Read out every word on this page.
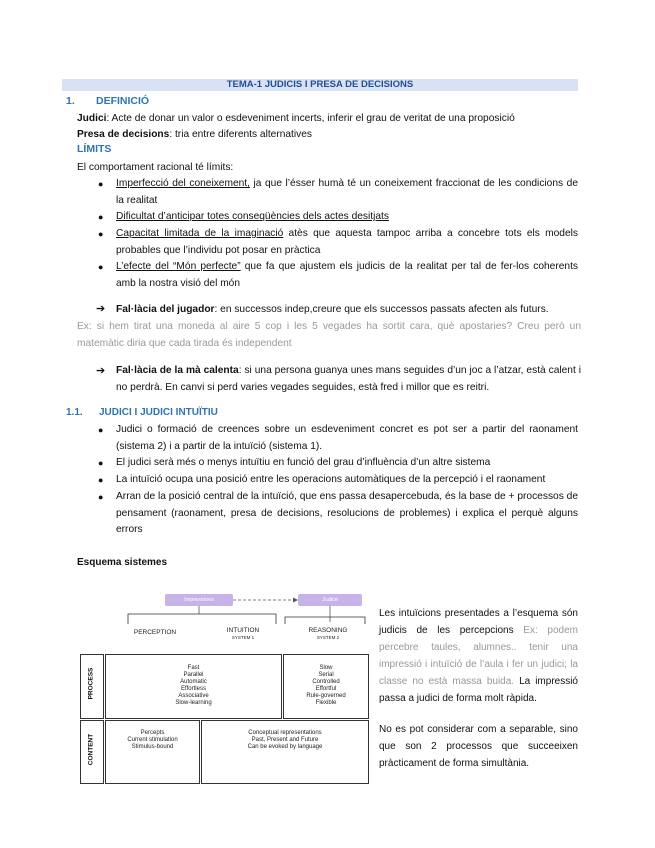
TEMA-1 JUDICIS I PRESA DE DECISIONS
1. DEFINICIÓ
Judici: Acte de donar un valor o esdeveniment incerts, inferir el grau de veritat de una proposició
Presa de decisions: tria entre diferents alternatives
LÍMITS
El comportament racional té límits:
● Imperfecció del coneixement, ja que l’ésser humà té un coneixement fraccionat de les condicions de la realitat
● Dificultat d’anticipar totes conseqüències dels actes desitjats
● Capacitat limitada de la imaginació atès que aquesta tampoc arriba a concebre tots els models probables que l’individu pot posar en pràctica
● L’efecte del “Món perfecte” que fa que ajustem els judicis de la realitat per tal de fer-los coherents amb la nostra visió del món
➔ Fal·làcia del jugador: en successos indep,creure que els successos passats afecten als futurs.
Ex: si hem tirat una moneda al aire 5 cop i les 5 vegades ha sortit cara, què apostaries? Creu però un matemàtic diria que cada tirada és independent
➔ Fal·làcia de la mà calenta: si una persona guanya unes mans seguides d’un joc a l’atzar, està calent i no perdrà. En canvi si perd varies vegades seguides, està fred i millor que es reitri.
1.1. JUDICI I JUDICI INTUÏTIU
● Judici o formació de creences sobre un esdeveniment concret es pot ser a partir del raonament (sistema 2) i a partir de la intuïció (sistema 1).
● El judici serà més o menys intuïtiu en funció del grau d’influència d’un altre sistema
● La intuïció ocupa una posició entre les operacions automàtiques de la percepció i el raonament
● Arran de la posició central de la intuïció, que ens passa desapercebuda, és la base de + processos de pensament (raonament, presa de decisions, resolucions de problemes) i explica el perquè alguns errors
Esquema sistemes
Impressions	Judice
PERCEPTION	INTUITION
SYSTEM 1
REASONING
SYSTEM 2
PROCESS
CONTENT
Fast
Parallel
Automatic
Effortless
Associative
Slow-learning
Slow
Serial
Controlled
Effortful
Rule-governed
Flexible
Percepts
Current stimulation
Stimulus-bound
Conceptual representations
Past, Present and Future
Can be evoked by language
Les intuïcions presentades a l’esquema són judicis de les percepcions Ex: podem percebre taules, alumnes.. tenir una impressió i intuïció de l’aula i fer un judici; la classe no està massa buida. La impressió passa a judici de forma molt ràpida.
No es pot considerar com a separable, sino que son 2 processos que succeeixen pràcticament de forma simultània.
